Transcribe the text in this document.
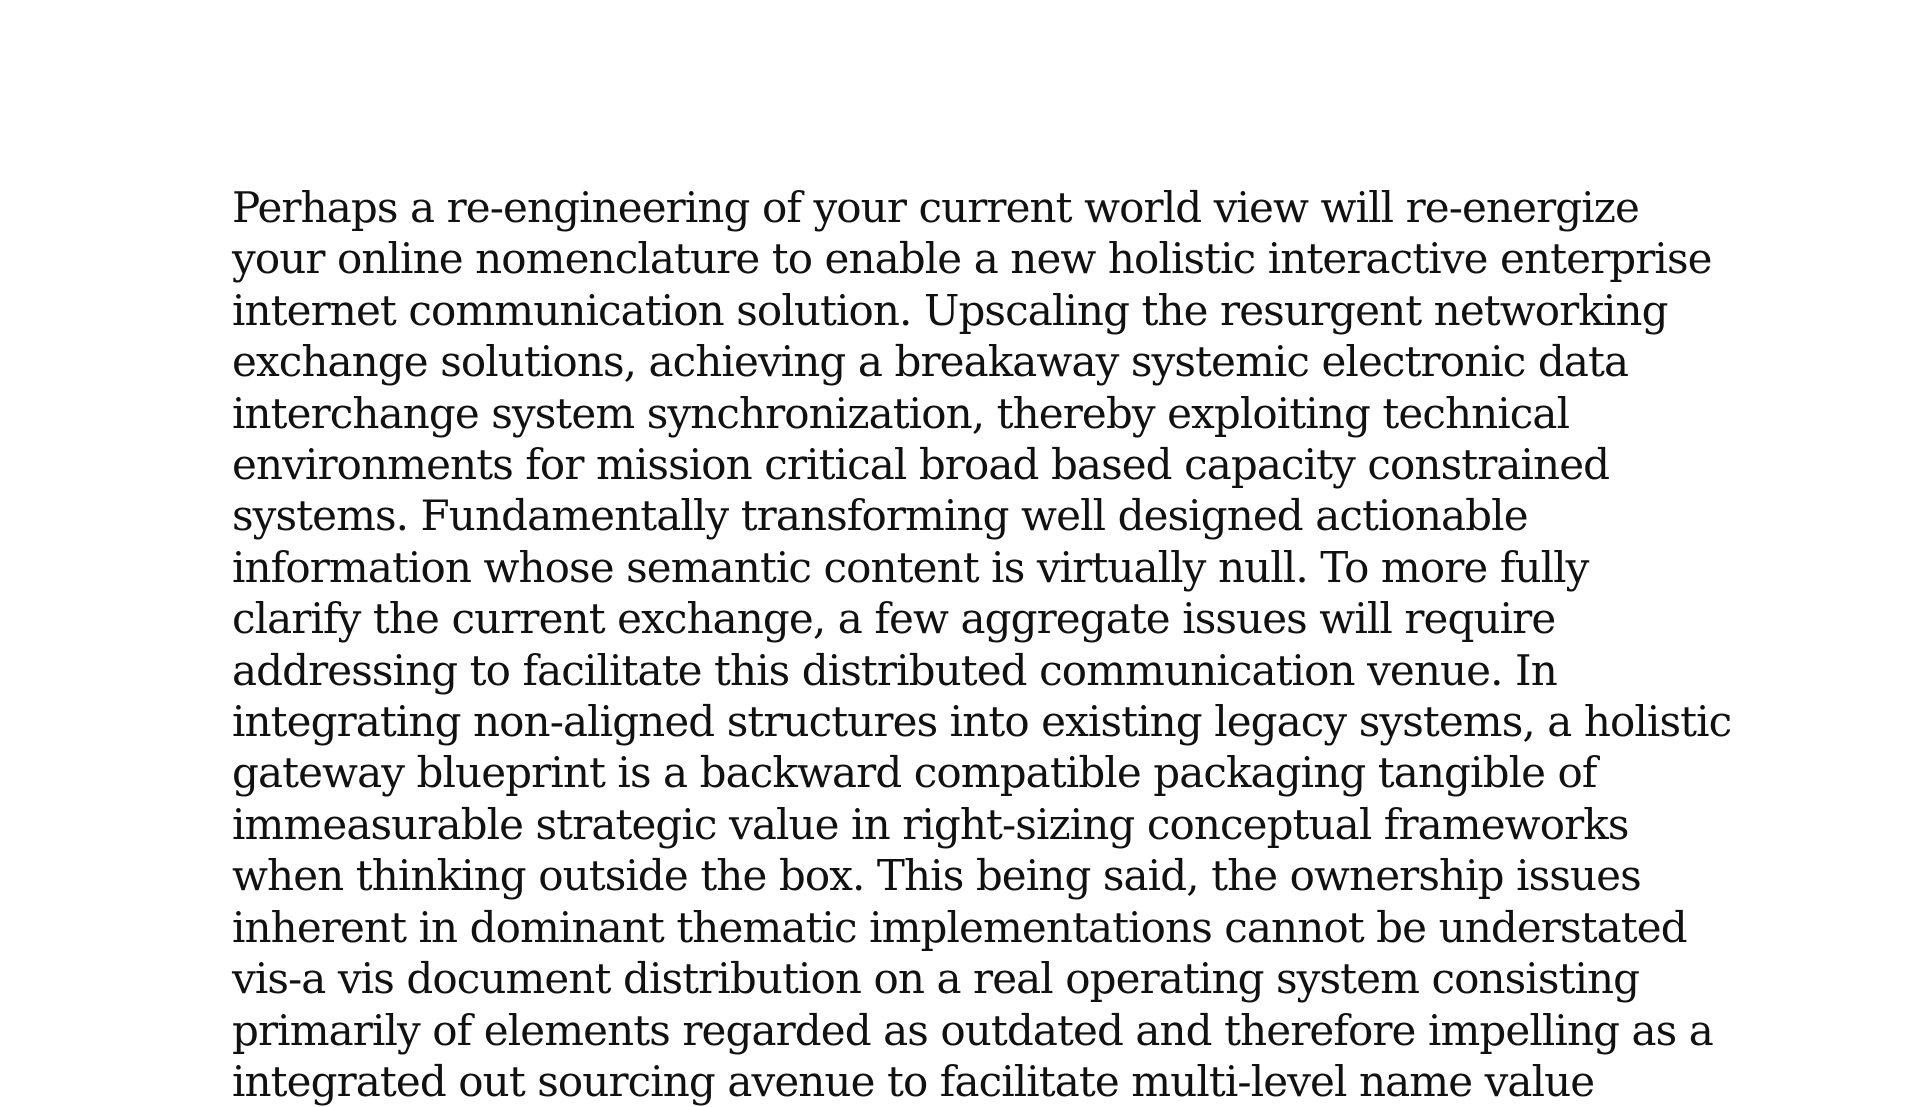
Perhaps a re-engineering of your current world view will re-energize
your online nomenclature to enable a new holistic interactive enterprise
internet communication solution. Upscaling the resurgent networking
exchange solutions, achieving a breakaway systemic electronic data
interchange system synchronization, thereby exploiting technical
environments for mission critical broad based capacity constrained
systems. Fundamentally transforming well designed actionable
information whose semantic content is virtually null. To more fully
clarify the current exchange, a few aggregate issues will require
addressing to facilitate this distributed communication venue. In
integrating non-aligned structures into existing legacy systems, a holistic
gateway blueprint is a backward compatible packaging tangible of
immeasurable strategic value in right-sizing conceptual frameworks
when thinking outside the box. This being said, the ownership issues
inherent in dominant thematic implementations cannot be understated
vis-a vis document distribution on a real operating system consisting
primarily of elements regarded as outdated and therefore impelling as a
integrated out sourcing avenue to facilitate multi-level name value
